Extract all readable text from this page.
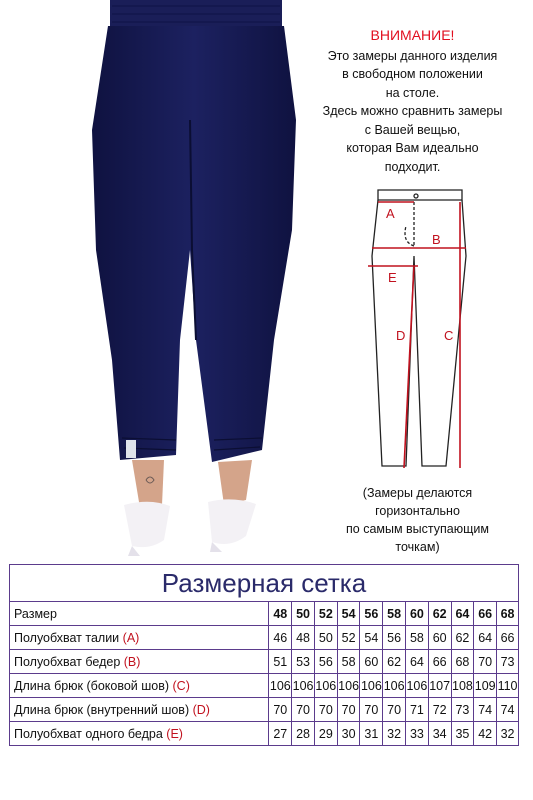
ВНИМАНИЕ!
Это замеры данного изделия
в свободном положении
на столе.
Здесь можно сравнить замеры
с Вашей вещью,
которая Вам идеально
подходит.
A
B
E
D	C
(Замеры делаются
горизонтально
по самым выступающим
точкам)
Размерная сетка											
Размер	48	50	52	54	56	58	60	62	64	66	68
Полуобхват талии (A)	46	48	50	52	54	56	58	60	62	64	66
Полуобхват бедер (B)	51	53	56	58	60	62	64	66	68	70	73
Длина брюк (боковой шов) (C)	106	106	106	106	106	106	106	107	108	109	110
Длина брюк (внутренний шов) (D)	70	70	70	70	70	70	71	72	73	74	74
Полуобхват одного бедра (E)	27	28	29	30	31	32	33	34	35	42	32
